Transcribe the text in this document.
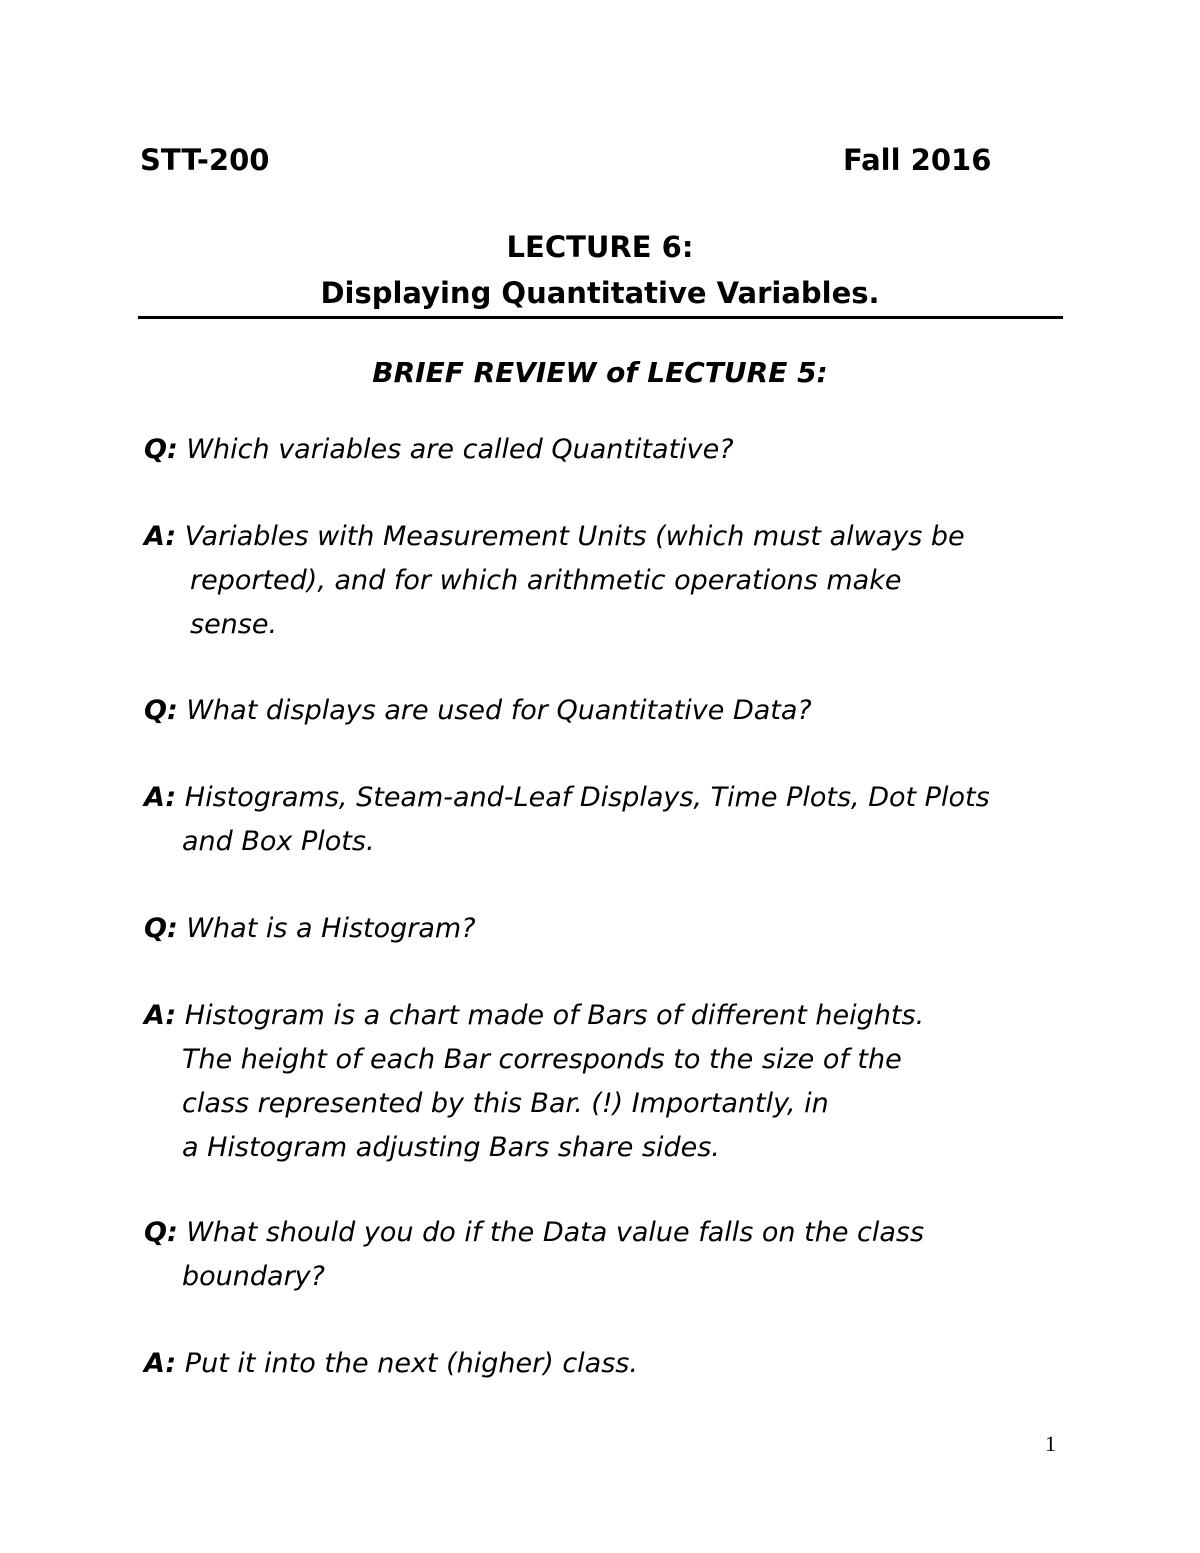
STT-200	Fall 2016
LECTURE 6:
Displaying Quantitative Variables.
BRIEF REVIEW of LECTURE 5:
Q: Which variables are called Quantitative?
A: Variables with Measurement Units (which must always be
reported), and for which arithmetic operations make
sense.
Q: What displays are used for Quantitative Data?
A: Histograms, Steam-and-Leaf Displays, Time Plots, Dot Plots
and Box Plots.
Q: What is a Histogram?
A: Histogram is a chart made of Bars of different heights.
The height of each Bar corresponds to the size of the
class represented by this Bar. (!) Importantly, in
a Histogram adjusting Bars share sides.
Q: What should you do if the Data value falls on the class
boundary?
A: Put it into the next (higher) class.
1
